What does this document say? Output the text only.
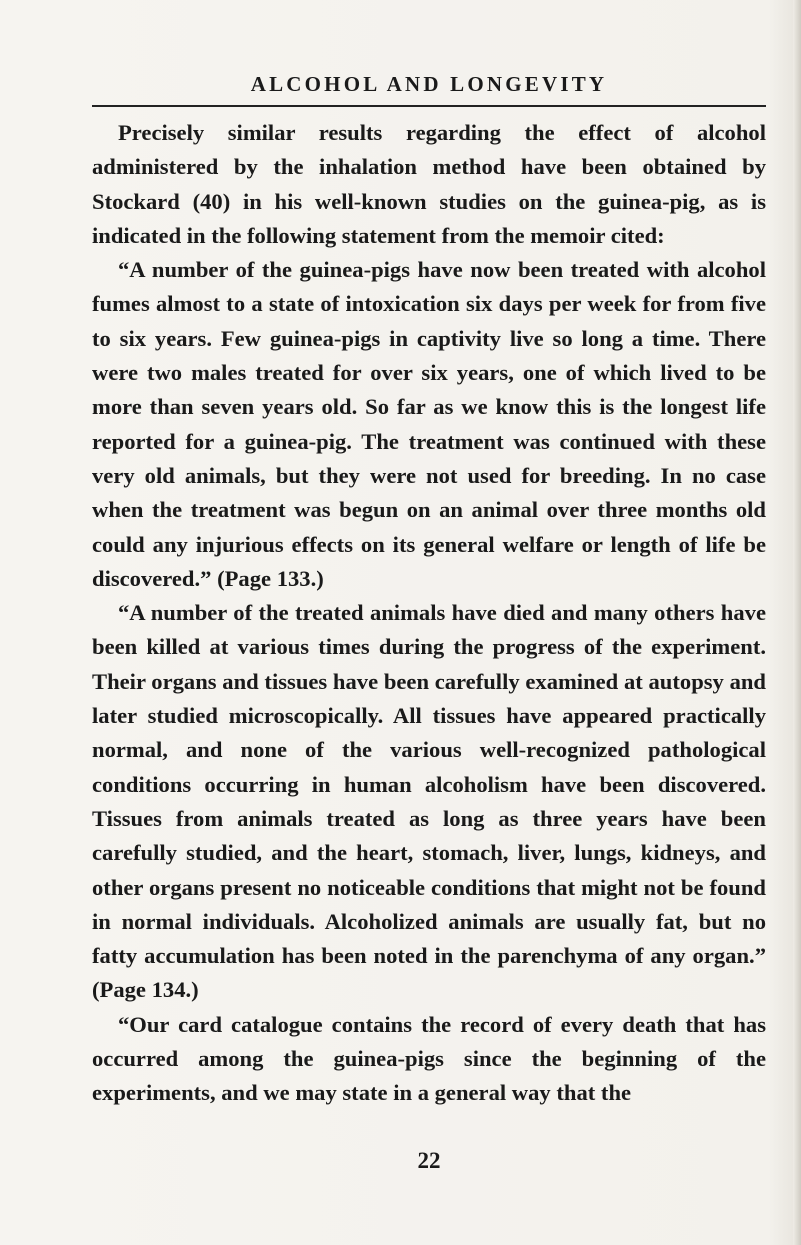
ALCOHOL AND LONGEVITY

Precisely similar results regarding the effect of alcohol administered by the inhalation method have been obtained by Stockard (40) in his well-known studies on the guinea-pig, as is indicated in the following statement from the memoir cited:

“A number of the guinea-pigs have now been treated with alcohol fumes almost to a state of intoxication six days per week for from five to six years. Few guinea-pigs in captivity live so long a time. There were two males treated for over six years, one of which lived to be more than seven years old. So far as we know this is the longest life reported for a guinea-pig. The treatment was continued with these very old animals, but they were not used for breeding. In no case when the treatment was begun on an animal over three months old could any injurious effects on its general welfare or length of life be discovered.” (Page 133.)

“A number of the treated animals have died and many others have been killed at various times during the progress of the experiment. Their organs and tissues have been carefully examined at autopsy and later studied microscopically. All tissues have appeared practically normal, and none of the various well-recognized pathological conditions occurring in human alcoholism have been discovered. Tissues from animals treated as long as three years have been carefully studied, and the heart, stomach, liver, lungs, kidneys, and other organs present no noticeable conditions that might not be found in normal individuals. Alcoholized animals are usually fat, but no fatty accumulation has been noted in the parenchyma of any organ.” (Page 134.)

“Our card catalogue contains the record of every death that has occurred among the guinea-pigs since the beginning of the experiments, and we may state in a general way that the

22
